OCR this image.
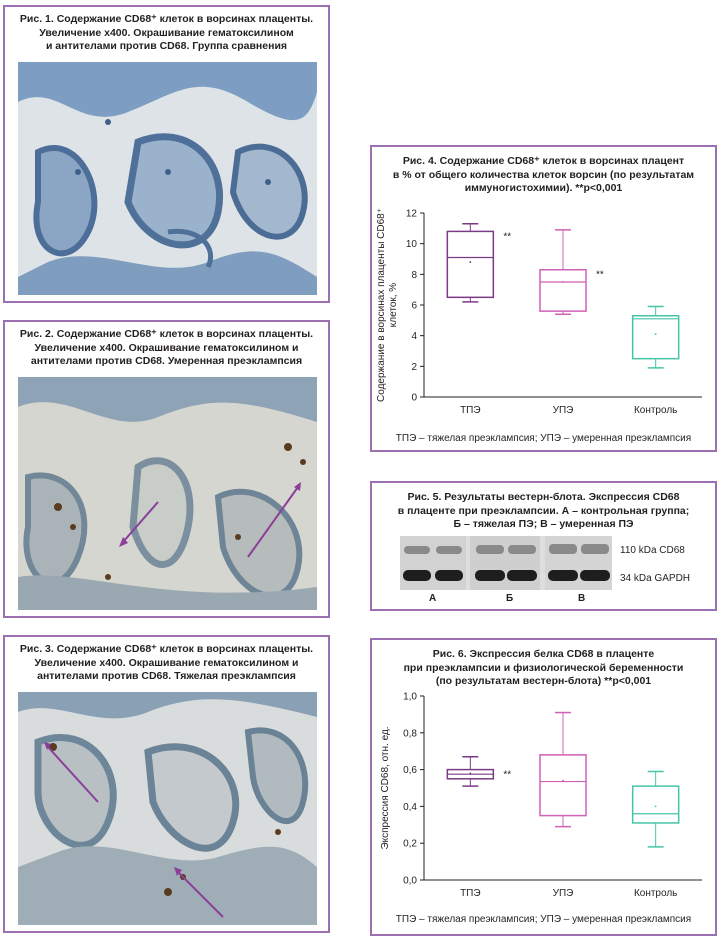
Рис. 1. Содержание CD68⁺ клеток в ворсинах плаценты.
Увеличение х400. Окрашивание гематоксилином
и антителами против CD68. Группа сравнения
Рис. 2. Содержание CD68⁺ клеток в ворсинах плаценты.
Увеличение х400. Окрашивание гематоксилином и
антителами против CD68. Умеренная преэклампсия
Рис. 3. Содержание CD68⁺ клеток в ворсинах плаценты.
Увеличение х400. Окрашивание гематоксилином и
антителами против CD68. Тяжелая преэклампсия
Рис. 4. Содержание CD68⁺ клеток в ворсинах плацент
в % от общего количества клеток ворсин (по результатам
иммуногистохимии). **p<0,001
0
2
4
6
8
10
12
Содержание в ворсинах плаценты CD68⁺клеток, %
**
ТПЭ
**
УПЭ	Контроль
ТПЭ – тяжелая преэклампсия; УПЭ – умеренная преэклампсия
Рис. 5. Результаты вестерн-блота. Экспрессия CD68
в плаценте при преэклампсии. А – контрольная группа;
Б – тяжелая ПЭ; В – умеренная ПЭ
110 kDa CD68
34 kDa GAPDH
А	Б	В
Рис. 6. Экспрессия белка CD68 в плаценте
при преэклампсии и физиологической беременности
(по результатам вестерн-блота) **p<0,001
0,0
0,2
0,4
0,6
0,8
1,0
Экспрессия CD68, отн. ед.	**
ТПЭ	УПЭ	Контроль
ТПЭ – тяжелая преэклампсия; УПЭ – умеренная преэклампсия
